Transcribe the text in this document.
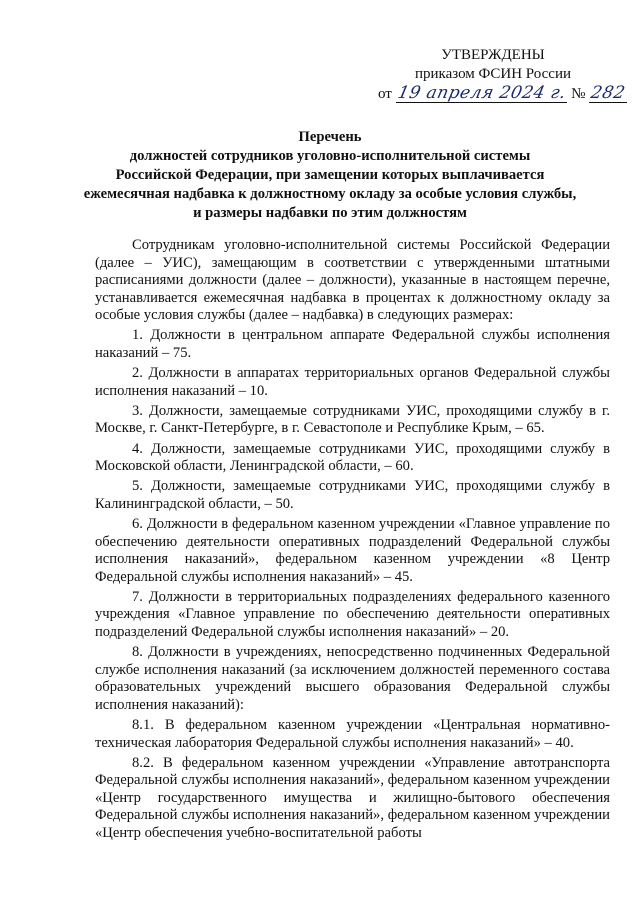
УТВЕРЖДЕНЫ
приказом ФСИН России
от 19 апреля 2024 г. № 282
Перечень
должностей сотрудников уголовно-исполнительной системы
Российской Федерации, при замещении которых выплачивается
ежемесячная надбавка к должностному окладу за особые условия службы,
и размеры надбавки по этим должностям

Сотрудникам уголовно-исполнительной системы Российской Федерации (далее – УИС), замещающим в соответствии с утвержденными штатными расписаниями должности (далее – должности), указанные в настоящем перечне, устанавливается ежемесячная надбавка в процентах к должностному окладу за особые условия службы (далее – надбавка) в следующих размерах:

1. Должности в центральном аппарате Федеральной службы исполнения наказаний – 75.

2. Должности в аппаратах территориальных органов Федеральной службы исполнения наказаний – 10.

3. Должности, замещаемые сотрудниками УИС, проходящими службу в г. Москве, г. Санкт-Петербурге, в г. Севастополе и Республике Крым, – 65.

4. Должности, замещаемые сотрудниками УИС, проходящими службу в Московской области, Ленинградской области, – 60.

5. Должности, замещаемые сотрудниками УИС, проходящими службу в Калининградской области, – 50.

6. Должности в федеральном казенном учреждении «Главное управление по обеспечению деятельности оперативных подразделений Федеральной службы исполнения наказаний», федеральном казенном учреждении «8 Центр Федеральной службы исполнения наказаний» – 45.

7. Должности в территориальных подразделениях федерального казенного учреждения «Главное управление по обеспечению деятельности оперативных подразделений Федеральной службы исполнения наказаний» – 20.

8. Должности в учреждениях, непосредственно подчиненных Федеральной службе исполнения наказаний (за исключением должностей переменного состава образовательных учреждений высшего образования Федеральной службы исполнения наказаний):

8.1. В федеральном казенном учреждении «Центральная нормативно-техническая лаборатория Федеральной службы исполнения наказаний» – 40.

8.2. В федеральном казенном учреждении «Управление автотранспорта Федеральной службы исполнения наказаний», федеральном казенном учреждении «Центр государственного имущества и жилищно-бытового обеспечения Федеральной службы исполнения наказаний», федеральном казенном учреждении «Центр обеспечения учебно-воспитательной работы
